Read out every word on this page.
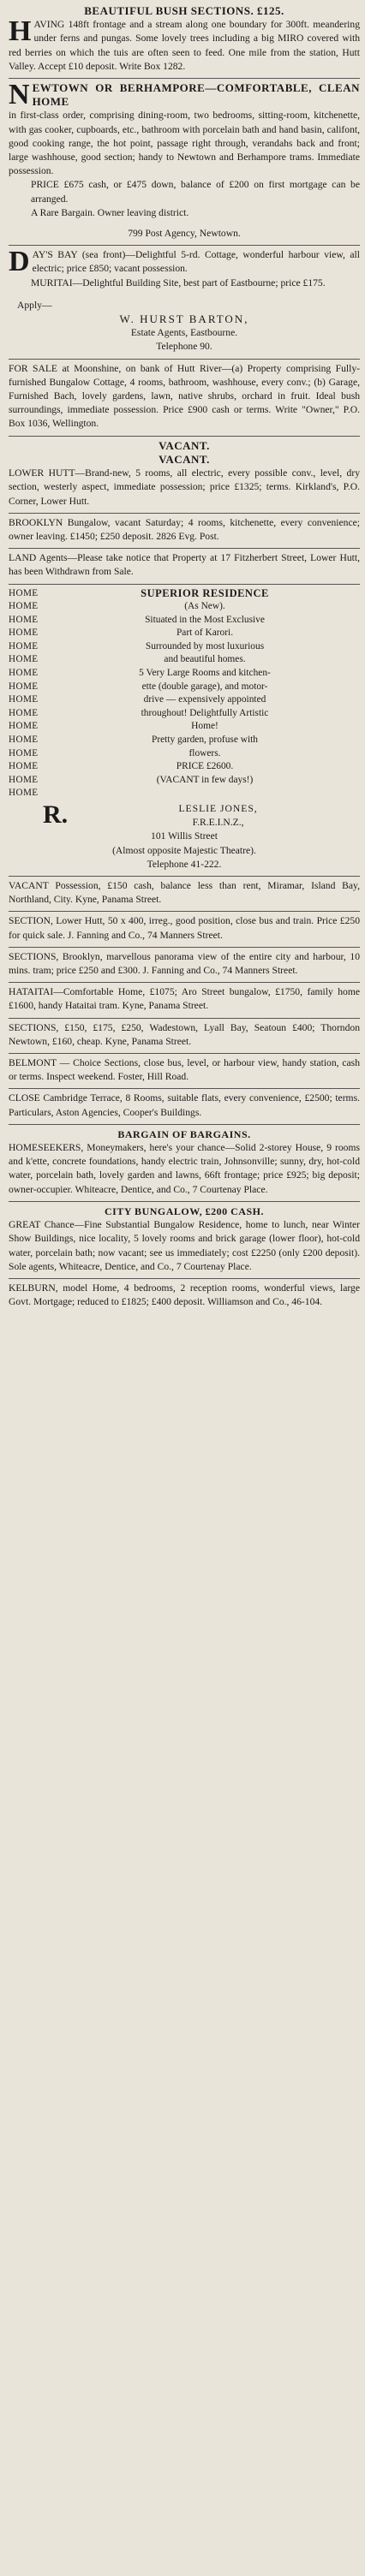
BEAUTIFUL BUSH SECTIONS. £125.
H AVING 148ft frontage and a stream along one boundary for 300ft. meandering under ferns and pungas. Some lovely trees including a big MIRO covered with red berries on which the tuis are often seen to feed. One mile from the station, Hutt Valley. Accept £10 deposit. Write Box 1282.

N EWTOWN OR BERHAMPORE—COMFORTABLE, CLEAN HOME

in first-class order, comprising dining-room, two bedrooms, sitting-room, kitchenette, with gas cooker, cupboards, etc., bathroom with porcelain bath and hand basin, califont, good cooking range, the hot point, passage right through, verandahs back and front; large washhouse, good section; handy to Newtown and Berhampore trams. Immediate possession.

PRICE £675 cash, or £475 down, balance of £200 on first mortgage can be arranged.

A Rare Bargain. Owner leaving district.

799 Post Agency, Newtown.

D AY'S BAY (sea front)—Delightful 5-rd. Cottage, wonderful harbour view, all electric; price £850; vacant possession.

MURITAI—Delightful Building Site, best part of Eastbourne; price £175.

Apply—

W. HURST BARTON,

Estate Agents, Eastbourne.

Telephone 90.

FOR SALE at Moonshine, on bank of Hutt River—(a) Property comprising Fully-furnished Bungalow Cottage, 4 rooms, bathroom, washhouse, every conv.; (b) Garage, Furnished Bach, lovely gardens, lawn, native shrubs, orchard in fruit. Ideal bush surroundings, immediate possession. Price £900 cash or terms. Write "Owner," P.O. Box 1036, Wellington.

VACANT.

VACANT.

LOWER HUTT—Brand-new, 5 rooms, all electric, every possible conv., level, dry section, westerly aspect, immediate possession; price £1325; terms. Kirkland's, P.O. Corner, Lower Hutt.

BROOKLYN Bungalow, vacant Saturday; 4 rooms, kitchenette, every convenience; owner leaving. £1450; £250 deposit. 2826 Evg. Post.

LAND Agents—Please take notice that Property at 17 Fitzherbert Street, Lower Hutt, has been Withdrawn from Sale.

HOME
HOME
HOME
HOME
HOME
HOME
HOME
HOME
HOME
HOME
HOME
HOME
HOME
HOME
HOME
HOME
SUPERIOR RESIDENCE
(As New).
Situated in the Most Exclusive
Part of Karori.
Surrounded by most luxurious
and beautiful homes.
5 Very Large Rooms and kitchen-
ette (double garage), and motor-
drive — expensively appointed
throughout! Delightfully Artistic
Home!
Pretty garden, profuse with
flowers.
PRICE £2600.
(VACANT in few days!)
R.	LESLIE JONES,
F.R.E.I.N.Z.,
101 Willis Street
(Almost opposite Majestic Theatre).
Telephone 41-222.

VACANT Possession, £150 cash, balance less than rent, Miramar, Island Bay, Northland, City. Kyne, Panama Street.

SECTION, Lower Hutt, 50 x 400, irreg., good position, close bus and train. Price £250 for quick sale. J. Fanning and Co., 74 Manners Street.

SECTIONS, Brooklyn, marvellous panorama view of the entire city and harbour, 10 mins. tram; price £250 and £300. J. Fanning and Co., 74 Manners Street.

HATAITAI—Comfortable Home, £1075; Aro Street bungalow, £1750, family home £1600, handy Hataitai tram. Kyne, Panama Street.

SECTIONS, £150, £175, £250, Wadestown, Lyall Bay, Seatoun £400; Thorndon Newtown, £160, cheap. Kyne, Panama Street.

BELMONT — Choice Sections, close bus, level, or harbour view, handy station, cash or terms. Inspect weekend. Foster, Hill Road.

CLOSE Cambridge Terrace, 8 Rooms, suitable flats, every convenience, £2500; terms. Particulars, Aston Agencies, Cooper's Buildings.

BARGAIN OF BARGAINS.

HOMESEEKERS, Moneymakers, here's your chance—Solid 2-storey House, 9 rooms and k'ette, concrete foundations, handy electric train, Johnsonville; sunny, dry, hot-cold water, porcelain bath, lovely garden and lawns, 66ft frontage; price £925; big deposit; owner-occupier. Whiteacre, Dentice, and Co., 7 Courtenay Place.

CITY BUNGALOW, £200 CASH.

GREAT Chance—Fine Substantial Bungalow Residence, home to lunch, near Winter Show Buildings, nice locality, 5 lovely rooms and brick garage (lower floor), hot-cold water, porcelain bath; now vacant; see us immediately; cost £2250 (only £200 deposit). Sole agents, Whiteacre, Dentice, and Co., 7 Courtenay Place.

KELBURN, model Home, 4 bedrooms, 2 reception rooms, wonderful views, large Govt. Mortgage; reduced to £1825; £400 deposit. Williamson and Co., 46-104.
